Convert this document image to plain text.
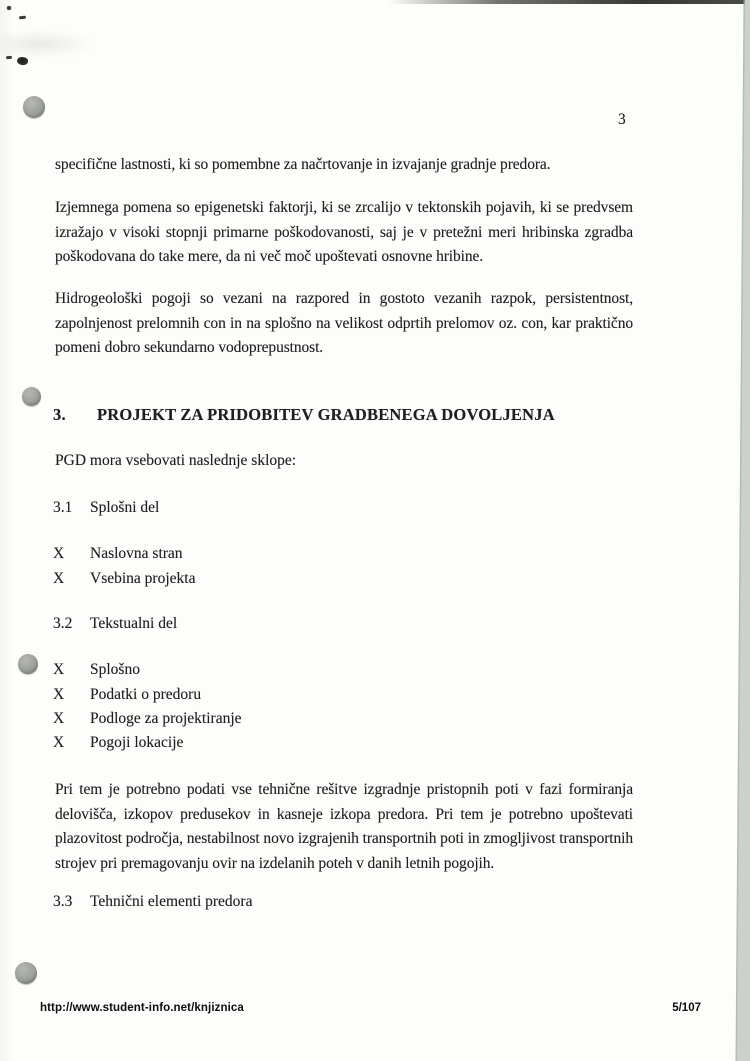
3
specifične lastnosti, ki so pomembne za načrtovanje in izvajanje gradnje predora.
Izjemnega pomena so epigenetski faktorji, ki se zrcalijo v tektonskih pojavih, ki se predvsem izražajo v visoki stopnji primarne poškodovanosti, saj je v pretežni meri hribinska zgradba poškodovana do take mere, da ni več moč upoštevati osnovne hribine.
Hidrogeološki pogoji so vezani na razpored in gostoto vezanih razpok, persistentnost, zapolnjenost prelomnih con in na splošno na velikost odprtih prelomov oz. con, kar praktično pomeni dobro sekundarno vodoprepustnost.
3. PROJEKT ZA PRIDOBITEV GRADBENEGA DOVOLJENJA
PGD mora vsebovati naslednje sklope:
3.1 Splošni del
X Naslovna stran
X Vsebina projekta
3.2 Tekstualni del
X Splošno
X Podatki o predoru
X Podloge za projektiranje
X Pogoji lokacije
Pri tem je potrebno podati vse tehnične rešitve izgradnje pristopnih poti v fazi formiranja delovišča, izkopov predusekov in kasneje izkopa predora. Pri tem je potrebno upoštevati plazovitost področja, nestabilnost novo izgrajenih transportnih poti in zmogljivost transportnih strojev pri premagovanju ovir na izdelanih poteh v danih letnih pogojih.
3.3 Tehnični elementi predora
http://www.student-info.net/knjiznica	5/107
